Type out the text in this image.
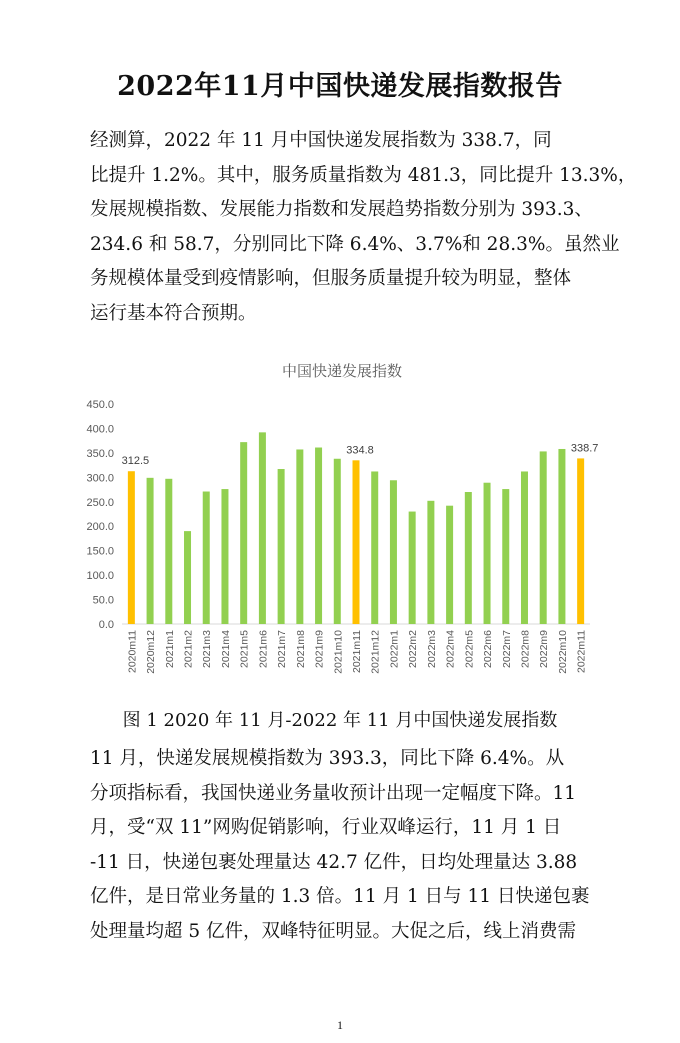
2022年11月中国快递发展指数报告

经测算，2022 年 11 月中国快递发展指数为 338.7，同
比提升 1.2%。其中，服务质量指数为 481.3，同比提升 13.3%，
发展规模指数、发展能力指数和发展趋势指数分别为 393.3、
234.6 和 58.7，分别同比下降 6.4%、3.7%和 28.3%。虽然业
务规模体量受到疫情影响，但服务质量提升较为明显，整体
运行基本符合预期。

中国快递发展指数
0.0
50.0
100.0
150.0
200.0
250.0
300.0
350.0
400.0
450.0
312.5
2020m11 2020m12 2021m1 2021m2 2021m3 2021m4 2021m5 2021m6 2021m7 2021m8 2021m9 2021m10
334.8
2021m11 2021m12 2022m1 2022m2 2022m3 2022m4 2022m5 2022m6 2022m7 2022m8 2022m9 2022m10
338.7
2022m11
图 1 2020 年 11 月-2022 年 11 月中国快递发展指数

11 月，快递发展规模指数为 393.3，同比下降 6.4%。从
分项指标看，我国快递业务量收预计出现一定幅度下降。11
月，受“双 11”网购促销影响，行业双峰运行，11 月 1 日
-11 日，快递包裹处理量达 42.7 亿件，日均处理量达 3.88
亿件，是日常业务量的 1.3 倍。11 月 1 日与 11 日快递包裹
处理量均超 5 亿件，双峰特征明显。大促之后，线上消费需

1
